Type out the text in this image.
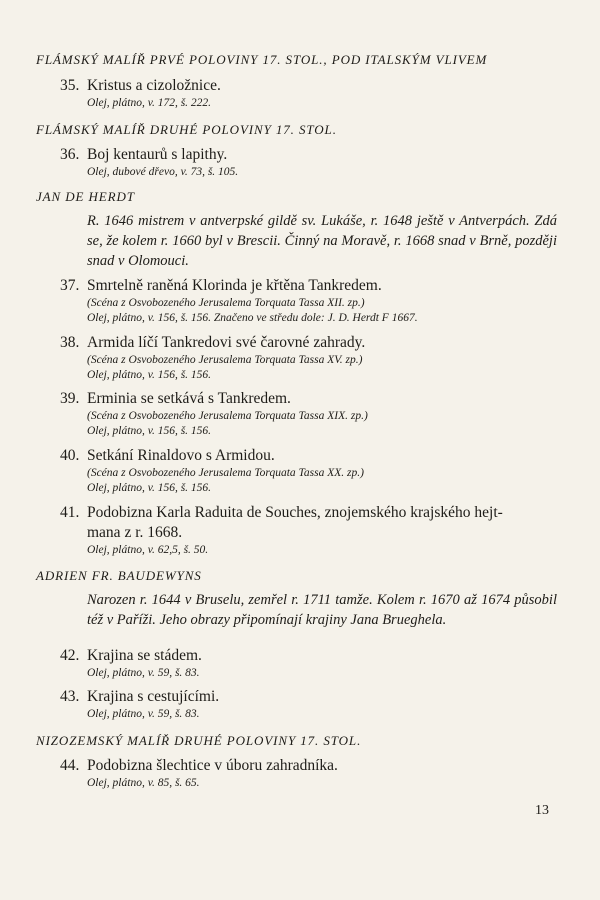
FLÁMSKÝ MALÍŘ PRVÉ POLOVINY 17. STOL., POD ITALSKÝM VLIVEM
35. Kristus a cizoložnice.
Olej, plátno, v. 172, š. 222.
FLÁMSKÝ MALÍŘ DRUHÉ POLOVINY 17. STOL.
36. Boj kentaurů s lapithy.
Olej, dubové dřevo, v. 73, š. 105.
JAN DE HERDT
R. 1646 mistrem v antverpské gildě sv. Lukáše, r. 1648 ještě v Antverpách. Zdá se, že kolem r. 1660 byl v Brescii. Činný na Moravě, r. 1668 snad v Brně, později snad v Olomouci.
37. Smrtelně raněná Klorinda je křtěna Tankredem.
(Scéna z Osvobozeného Jerusalema Torquata Tassa XII. zp.)
Olej, plátno, v. 156, š. 156. Značeno ve středu dole: J. D. Herdt F 1667.
38. Armida líčí Tankredovi své čarovné zahrady.
(Scéna z Osvobozeného Jerusalema Torquata Tassa XV. zp.)
Olej, plátno, v. 156, š. 156.
39. Erminia se setkává s Tankredem.
(Scéna z Osvobozeného Jerusalema Torquata Tassa XIX. zp.)
Olej, plátno, v. 156, š. 156.
40. Setkání Rinaldovo s Armidou.
(Scéna z Osvobozeného Jerusalema Torquata Tassa XX. zp.)
Olej, plátno, v. 156, š. 156.
41. Podobizna Karla Raduita de Souches, znojemského krajského hejt-
mana z r. 1668.
Olej, plátno, v. 62,5, š. 50.
ADRIEN FR. BAUDEWYNS
Narozen r. 1644 v Bruselu, zemřel r. 1711 tamže. Kolem r. 1670 až 1674 působil též v Paříži. Jeho obrazy připomínají krajiny Jana Brueghela.
42. Krajina se stádem.
Olej, plátno, v. 59, š. 83.
43. Krajina s cestujícími.
Olej, plátno, v. 59, š. 83.
NIZOZEMSKÝ MALÍŘ DRUHÉ POLOVINY 17. STOL.
44. Podobizna šlechtice v úboru zahradníka.
Olej, plátno, v. 85, š. 65.
13
